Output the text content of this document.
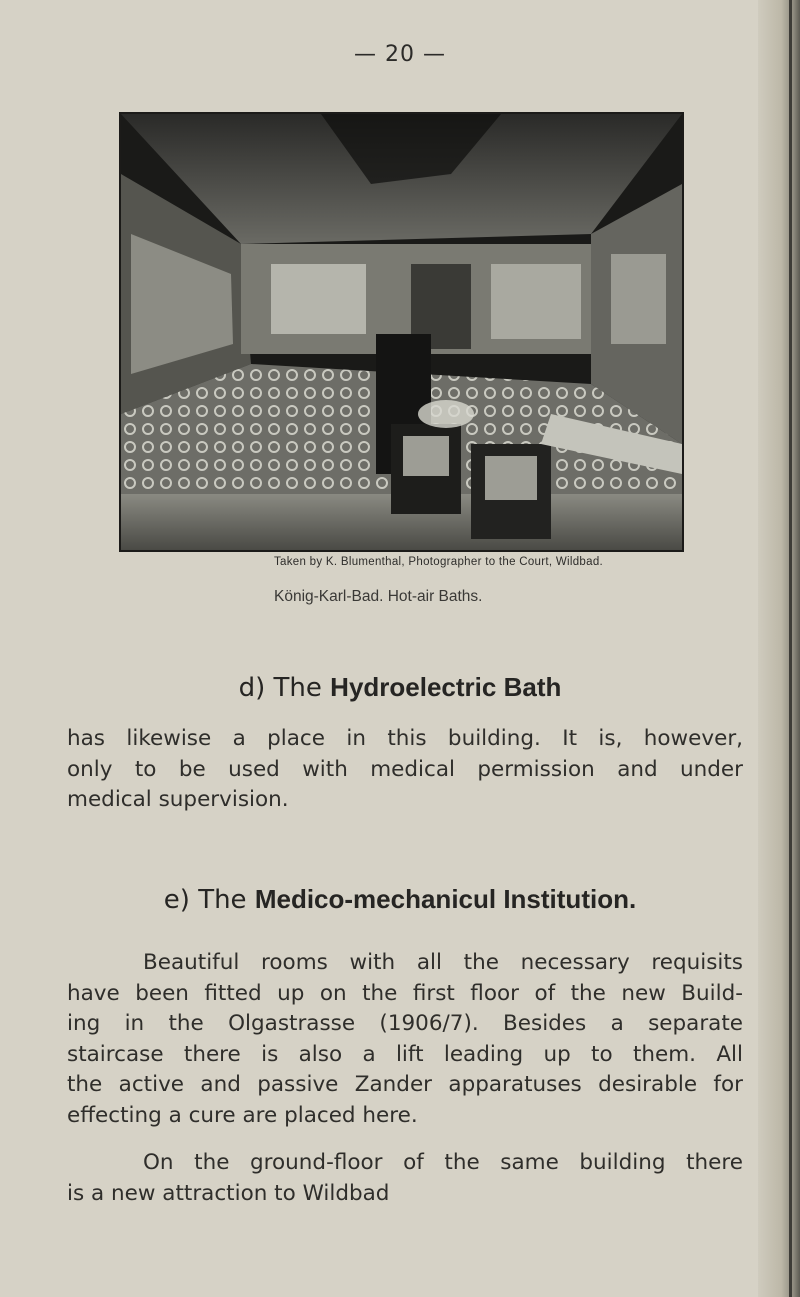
— 20 —
Taken by K. Blumenthal, Photographer to the Court, Wildbad.
König-Karl-Bad. Hot-air Baths.
d) The Hydroelectric Bath
has likewise a place in this building. It is, however,
only to be used with medical permission and under
medical supervision.
e) The Medico-mechanicul Institution.
Beautiful rooms with all the necessary requisits
have been fitted up on the first floor of the new Build-
ing in the Olgastrasse (1906/7). Besides a separate
staircase there is also a lift leading up to them. All
the active and passive Zander apparatuses desirable for
effecting a cure are placed here.
On the ground-floor of the same building there
is a new attraction to Wildbad
